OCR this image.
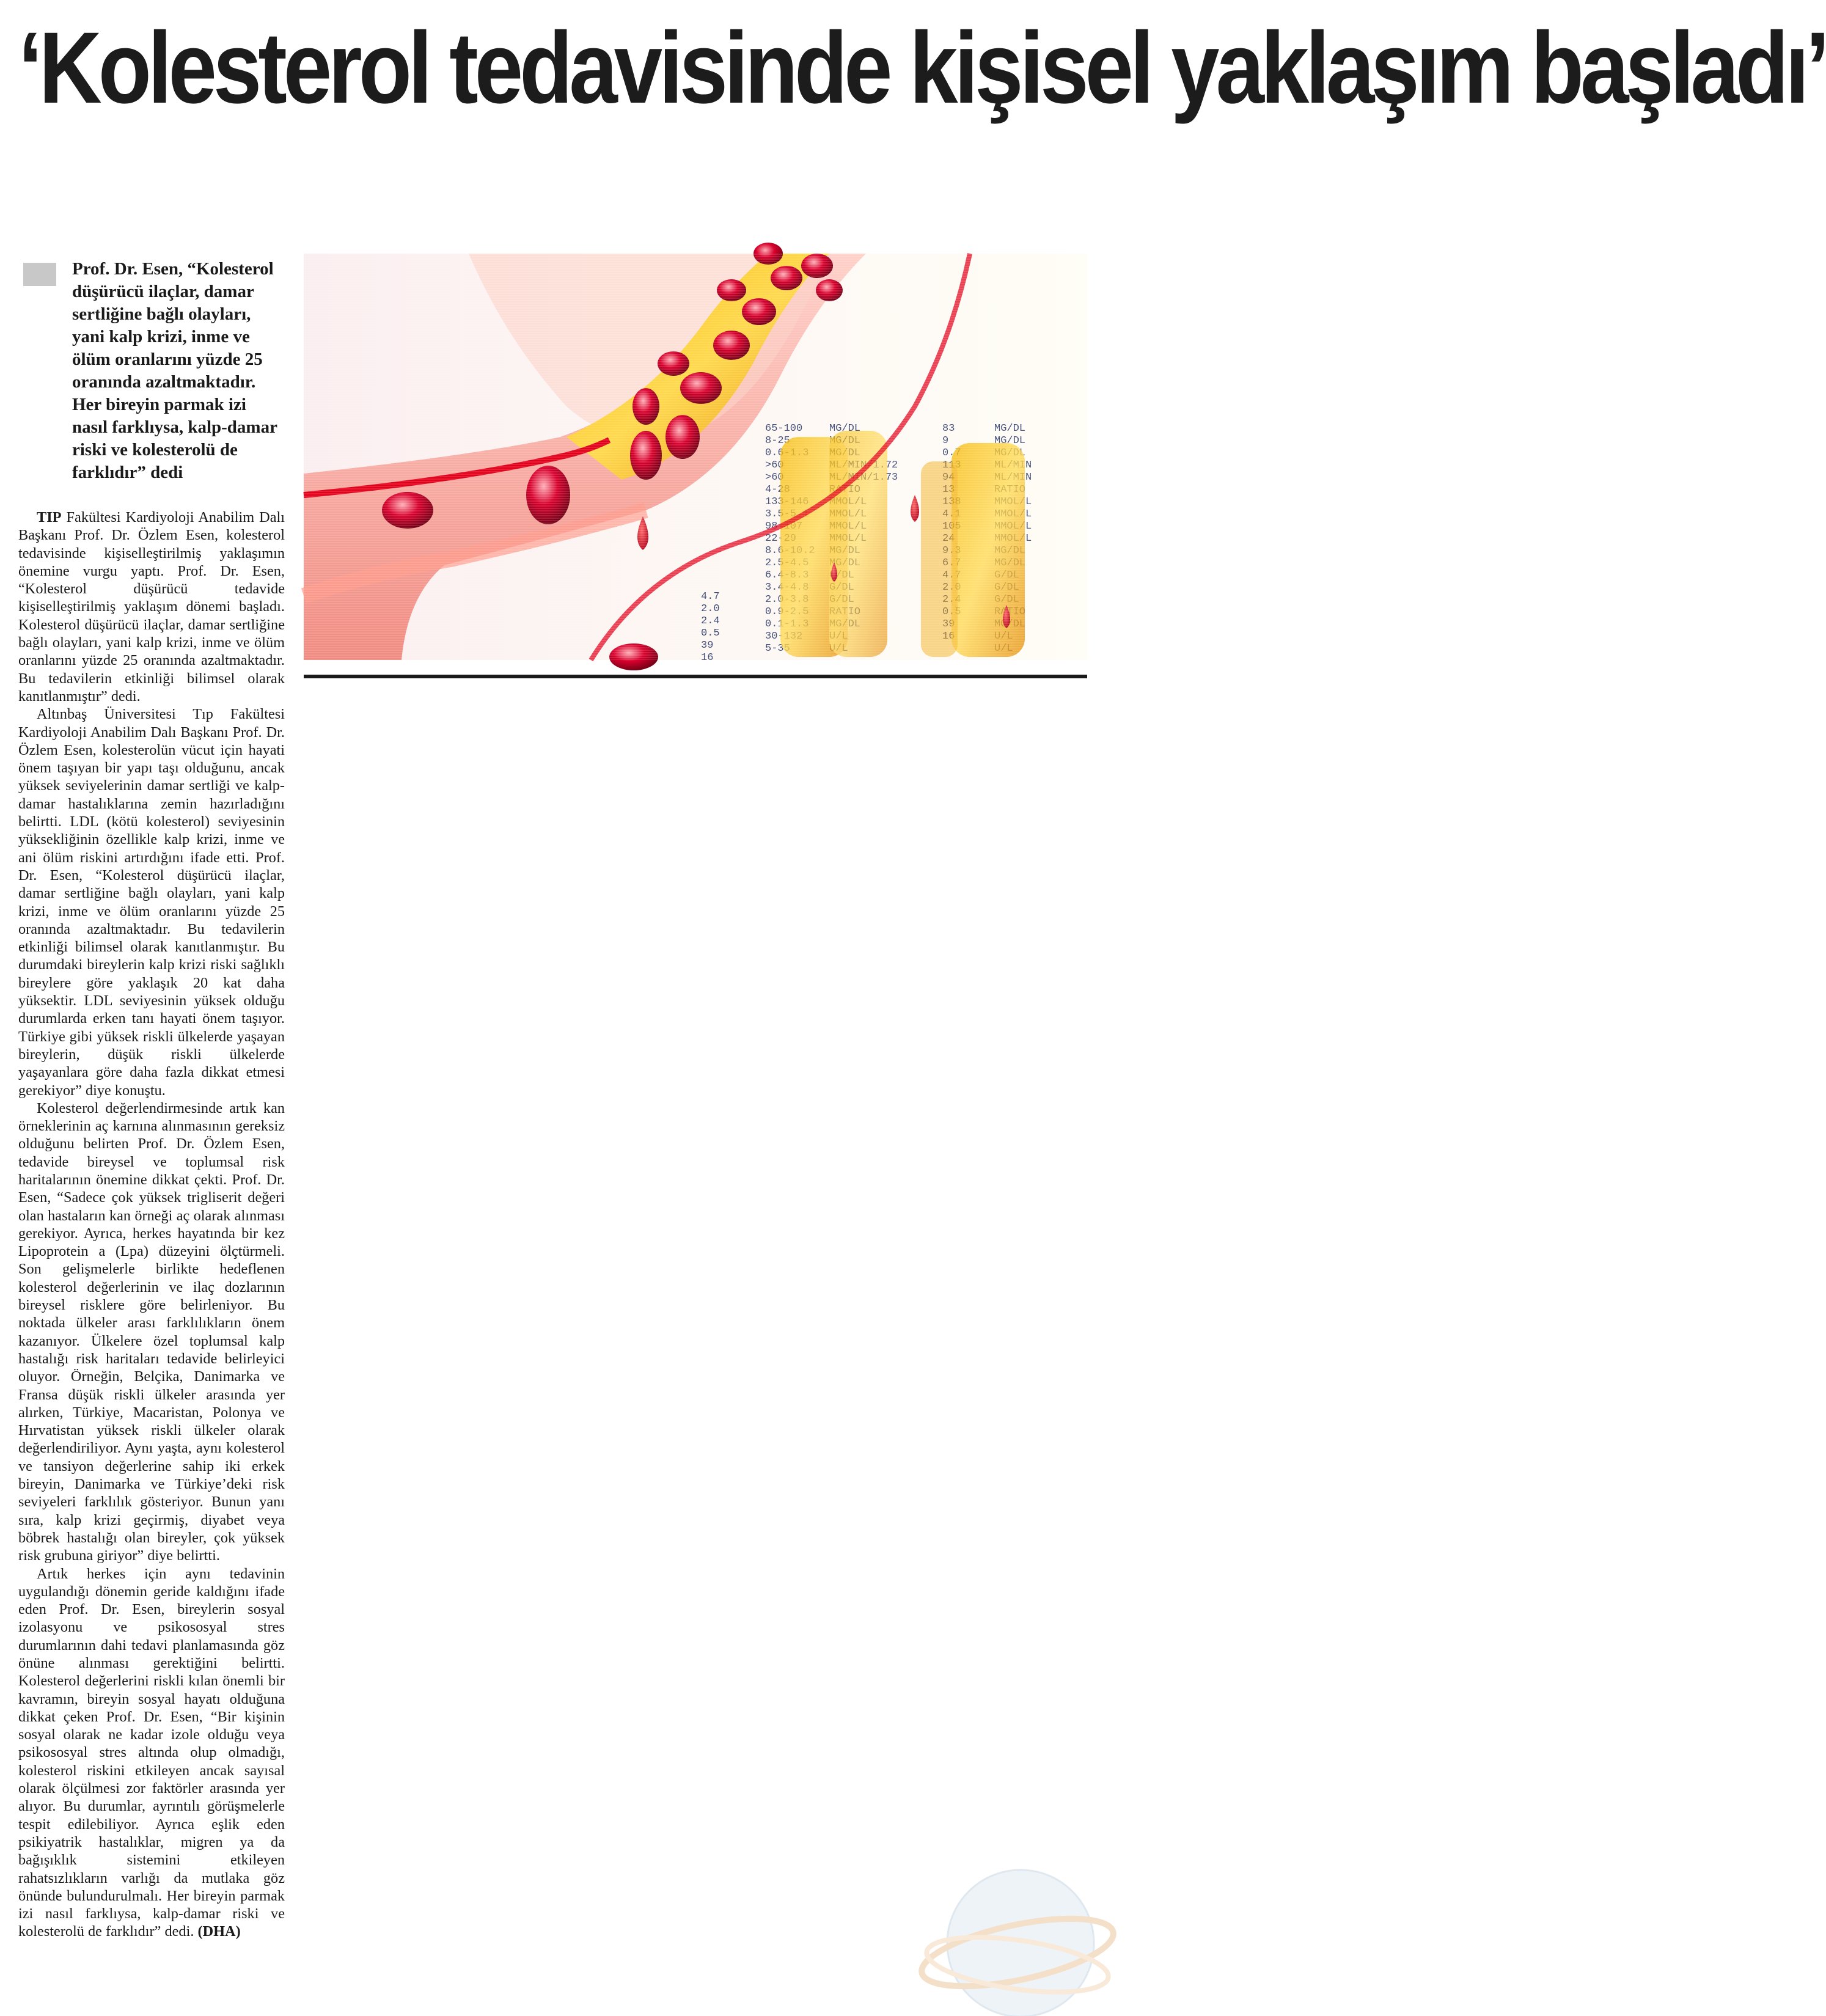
‘Kolesterol tedavisinde kişisel yaklaşım başladı’

Prof. Dr. Esen, “Kolesterol düşürücü ilaçlar, damar sertliğine bağlı olayları, yani kalp krizi, inme ve ölüm oranlarını yüzde 25 oranında azaltmaktadır. Her bireyin parmak izi nasıl farklıysa, kalp-damar riski ve kolesterolü de farklıdır” dedi

TIP Fakültesi Kardiyoloji Anabilim Dalı Başkanı Prof. Dr. Özlem Esen, kolesterol tedavisinde kişiselleştirilmiş yaklaşımın önemine vurgu yaptı. Prof. Dr. Esen, “Kolesterol düşürücü tedavide kişiselleştirilmiş yaklaşım dönemi başladı. Kolesterol düşürücü ilaçlar, damar sertliğine bağlı olayları, yani kalp krizi, inme ve ölüm oranlarını yüzde 25 oranında azaltmaktadır. Bu tedavilerin etkinliği bilimsel olarak kanıtlanmıştır” dedi.

Altınbaş Üniversitesi Tıp Fakültesi Kardiyoloji Anabilim Dalı Başkanı Prof. Dr. Özlem Esen, kolesterolün vücut için hayati önem taşıyan bir yapı taşı olduğunu, ancak yüksek seviyelerinin damar sertliği ve kalp-damar hastalıklarına zemin hazırladığını belirtti. LDL (kötü kolesterol) seviyesinin yüksekliğinin özellikle kalp krizi, inme ve ani ölüm riskini artırdığını ifade etti. Prof. Dr. Esen, “Kolesterol düşürücü ilaçlar, damar sertliğine bağlı olayları, yani kalp krizi, inme ve ölüm oranlarını yüzde 25 oranında azaltmaktadır. Bu tedavilerin etkinliği bilimsel olarak kanıtlanmıştır. Bu durumdaki bireylerin kalp krizi riski sağlıklı bireylere göre yaklaşık 20 kat daha yüksektir. LDL seviyesinin yüksek olduğu durumlarda erken tanı hayati önem taşıyor. Türkiye gibi yüksek riskli ülkelerde yaşayan bireylerin, düşük riskli ülkelerde yaşayanlara göre daha fazla dikkat etmesi gerekiyor” diye konuştu.

Kolesterol değerlendirmesinde artık kan örneklerinin aç karnına alınmasının gereksiz olduğunu belirten Prof. Dr. Özlem Esen, tedavide bireysel ve toplumsal risk haritalarının önemine dikkat çekti. Prof. Dr. Esen, “Sadece çok yüksek trigliserit değeri olan hastaların kan örneği aç olarak alınması gerekiyor. Ayrıca, herkes hayatında bir kez Lipoprotein a (Lpa) düzeyini ölçtürmeli. Son gelişmelerle birlikte hedeflenen kolesterol değerlerinin ve ilaç dozlarının bireysel risklere göre belirleniyor. Bu noktada ülkeler arası farklılıkların önem kazanıyor. Ülkelere özel toplumsal kalp hastalığı risk haritaları tedavide belirleyici oluyor. Örneğin, Belçika, Danimarka ve Fransa düşük riskli ülkeler arasında yer alırken, Türkiye, Macaristan, Polonya ve Hırvatistan yüksek riskli ülkeler olarak değerlendiriliyor. Aynı yaşta, aynı kolesterol ve tansiyon değerlerine sahip iki erkek bireyin, Danimarka ve Türkiye’deki risk seviyeleri farklılık gösteriyor. Bunun yanı sıra, kalp krizi geçirmiş, diyabet veya böbrek hastalığı olan bireyler, çok yüksek risk grubuna giriyor” diye belirtti.

Artık herkes için aynı tedavinin uygulandığı dönemin geride kaldığını ifade eden Prof. Dr. Esen, bireylerin sosyal izolasyonu ve psikososyal stres durumlarının dahi tedavi planlamasında göz önüne alınması gerektiğini belirtti. Kolesterol değerlerini riskli kılan önemli bir kavramın, bireyin sosyal hayatı olduğuna dikkat çeken Prof. Dr. Esen, “Bir kişinin sosyal olarak ne kadar izole olduğu veya psikososyal stres altında olup olmadığı, kolesterol riskini etkileyen ancak sayısal olarak ölçülmesi zor faktörler arasında yer alıyor. Bu durumlar, ayrıntılı görüşmelerle tespit edilebiliyor. Ayrıca eşlik eden psikiyatrik hastalıklar, migren ya da bağışıklık sistemini etkileyen rahatsızlıkların varlığı da mutlaka göz önünde bulundurulmalı. Her bireyin parmak izi nasıl farklıysa, kalp-damar riski ve kolesterolü de farklıdır” dedi. (DHA)
